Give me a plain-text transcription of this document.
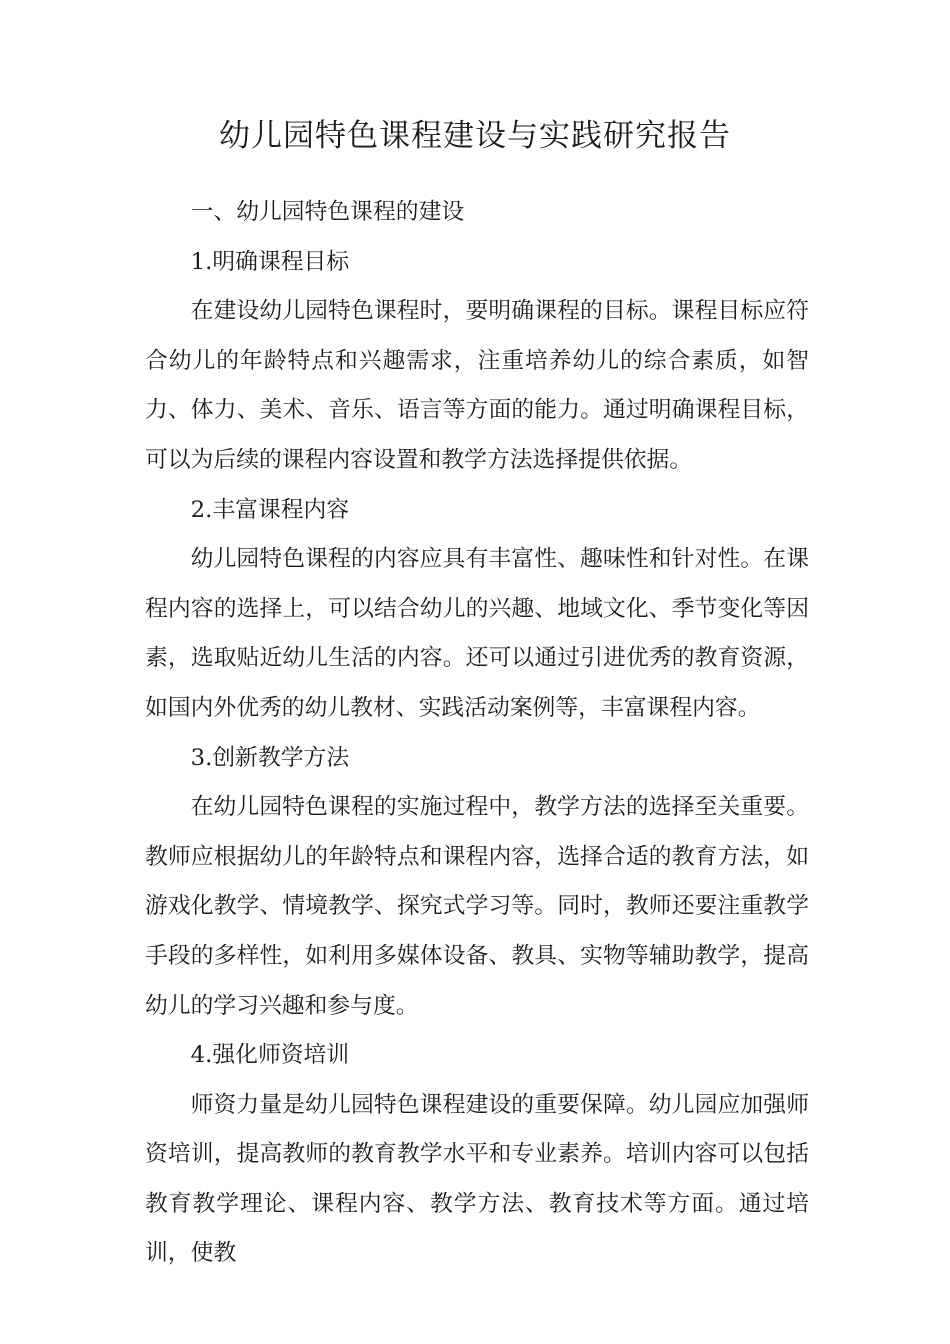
幼儿园特色课程建设与实践研究报告

一、幼儿园特色课程的建设

1.明确课程目标

在建设幼儿园特色课程时，要明确课程的目标。课程目标应符合幼儿的年龄特点和兴趣需求，注重培养幼儿的综合素质，如智力、体力、美术、音乐、语言等方面的能力。通过明确课程目标，可以为后续的课程内容设置和教学方法选择提供依据。

2.丰富课程内容

幼儿园特色课程的内容应具有丰富性、趣味性和针对性。在课程内容的选择上，可以结合幼儿的兴趣、地域文化、季节变化等因素，选取贴近幼儿生活的内容。还可以通过引进优秀的教育资源，如国内外优秀的幼儿教材、实践活动案例等，丰富课程内容。

3.创新教学方法

在幼儿园特色课程的实施过程中，教学方法的选择至关重要。教师应根据幼儿的年龄特点和课程内容，选择合适的教育方法，如游戏化教学、情境教学、探究式学习等。同时，教师还要注重教学手段的多样性，如利用多媒体设备、教具、实物等辅助教学，提高幼儿的学习兴趣和参与度。

4.强化师资培训

师资力量是幼儿园特色课程建设的重要保障。幼儿园应加强师资培训，提高教师的教育教学水平和专业素养。培训内容可以包括教育教学理论、课程内容、教学方法、教育技术等方面。通过培训，使教
